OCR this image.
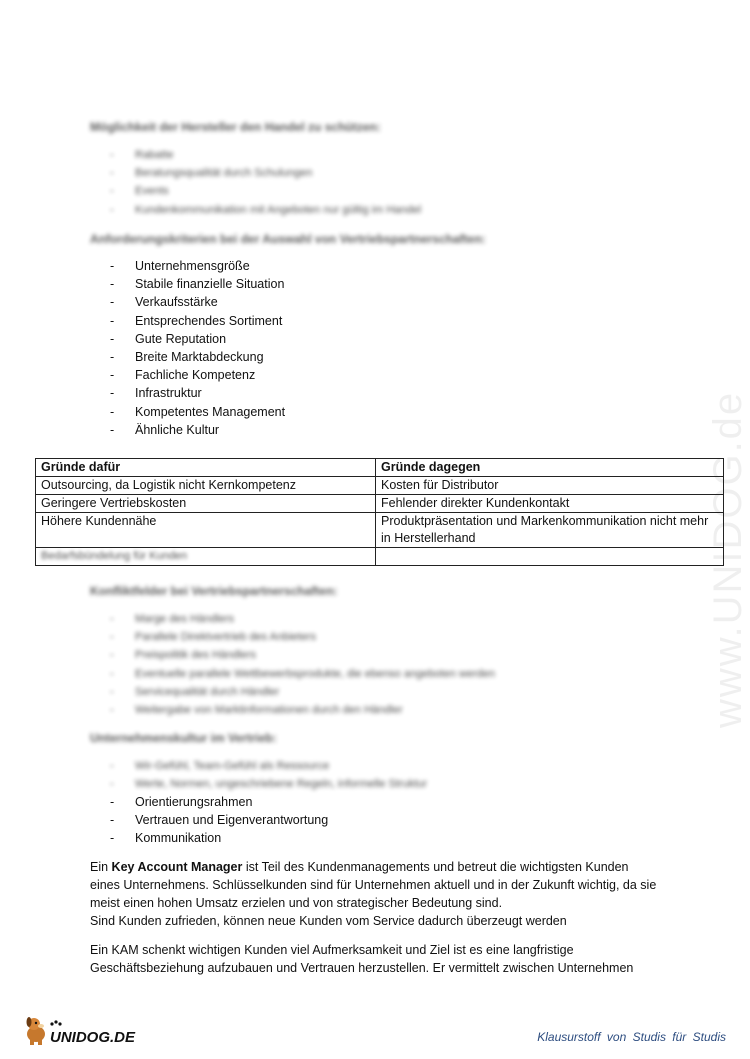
www.UNIDOG.de
Möglichkeit der Hersteller den Handel zu schützen:
- Rabatte
- Beratungsqualität durch Schulungen
- Events
- Kundenkommunikation mit Angeboten nur gültig im Handel
Anforderungskriterien bei der Auswahl von Vertriebspartnerschaften:
- Unternehmensgröße
- Stabile finanzielle Situation
- Verkaufsstärke
- Entsprechendes Sortiment
- Gute Reputation
- Breite Marktabdeckung
- Fachliche Kompetenz
- Infrastruktur
- Kompetentes Management
- Ähnliche Kultur
Gründe dafür	Gründe dagegen
Outsourcing, da Logistik nicht Kernkompetenz	Kosten für Distributor
Geringere Vertriebskosten	Fehlender direkter Kundenkontakt
Höhere Kundennähe	Produktpräsentation und Markenkommunikation nicht mehr in Herstellerhand
Bedarfsbündelung für Kunden	
Konfliktfelder bei Vertriebspartnerschaften:
- Marge des Händlers
- Parallele Direktvertrieb des Anbieters
- Preispolitik des Händlers
- Eventuelle parallele Wettbewerbsprodukte, die ebenso angeboten werden
- Servicequalität durch Händler
- Weitergabe von Marktinformationen durch den Händler
Unternehmenskultur im Vertrieb:
- Wir-Gefühl, Team-Gefühl als Ressource
- Werte, Normen, ungeschriebene Regeln, informelle Struktur
- Orientierungsrahmen
- Vertrauen und Eigenverantwortung
- Kommunikation

Ein Key Account Manager ist Teil des Kundenmanagements und betreut die wichtigsten Kunden eines Unternehmens. Schlüsselkunden sind für Unternehmen aktuell und in der Zukunft wichtig, da sie meist einen hohen Umsatz erzielen und von strategischer Bedeutung sind.
Sind Kunden zufrieden, können neue Kunden vom Service dadurch überzeugt werden

Ein KAM schenkt wichtigen Kunden viel Aufmerksamkeit und Ziel ist es eine langfristige Geschäftsbeziehung aufzubauen und Vertrauen herzustellen. Er vermittelt zwischen Unternehmen

UNIDOG.DE	Klausurstoff von Studis für Studis
